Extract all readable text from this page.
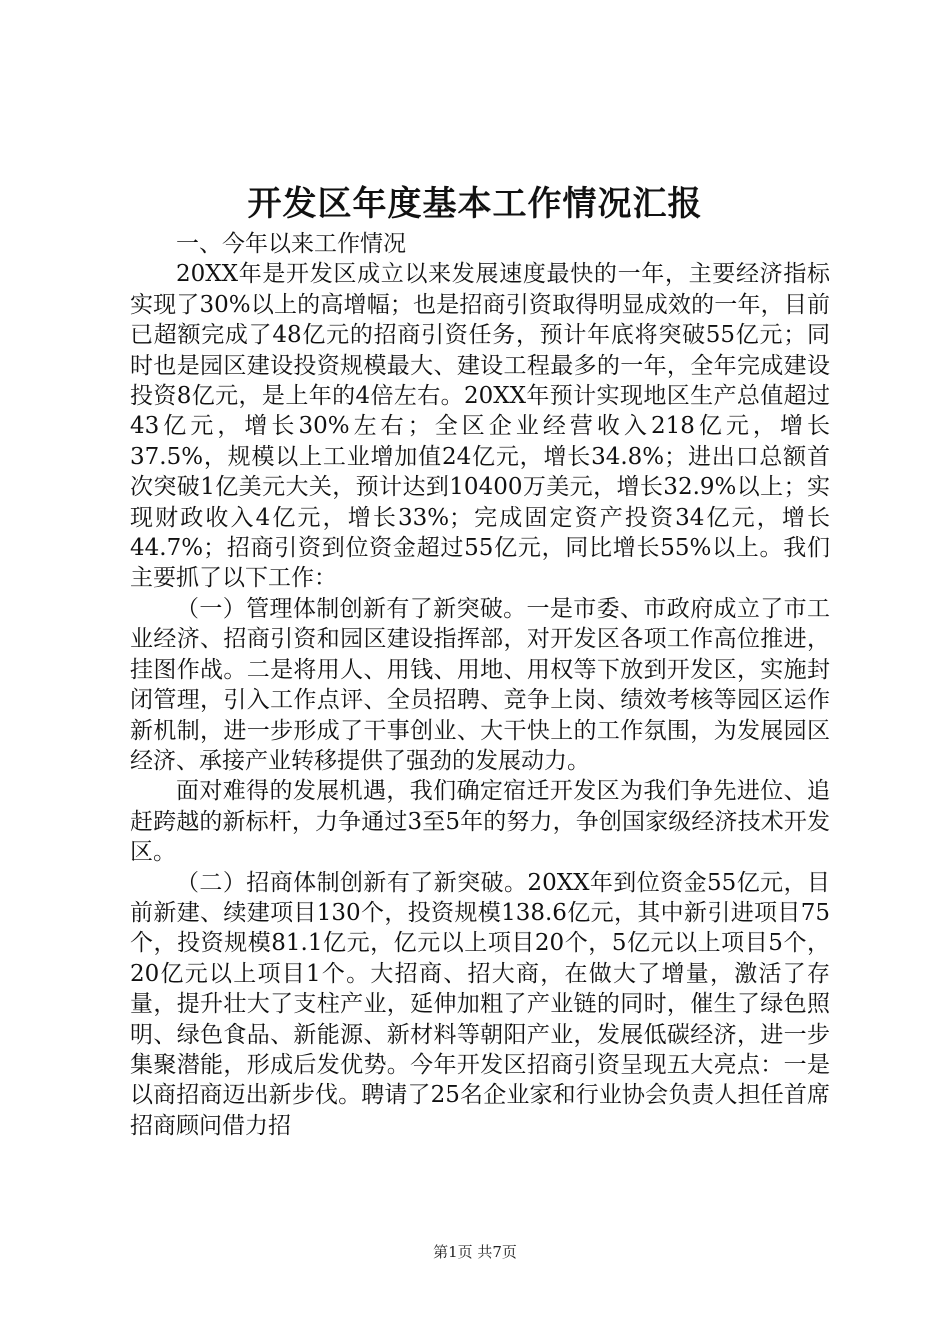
开发区年度基本工作情况汇报

一、今年以来工作情况

20XX年是开发区成立以来发展速度最快的一年，主要经济指标实现了30%以上的高增幅；也是招商引资取得明显成效的一年，目前已超额完成了48亿元的招商引资任务，预计年底将突破55亿元；同时也是园区建设投资规模最大、建设工程最多的一年，全年完成建设投资8亿元，是上年的4倍左右。20XX年预计实现地区生产总值超过43亿元，增长30%左右；全区企业经营收入218亿元，增长37.5%，规模以上工业增加值24亿元，增长34.8%；进出口总额首次突破1亿美元大关，预计达到10400万美元，增长32.9%以上；实现财政收入4亿元，增长33%；完成固定资产投资34亿元，增长44.7%；招商引资到位资金超过55亿元，同比增长55%以上。我们主要抓了以下工作：

（一）管理体制创新有了新突破。一是市委、市政府成立了市工业经济、招商引资和园区建设指挥部，对开发区各项工作高位推进，挂图作战。二是将用人、用钱、用地、用权等下放到开发区，实施封闭管理，引入工作点评、全员招聘、竞争上岗、绩效考核等园区运作新机制，进一步形成了干事创业、大干快上的工作氛围，为发展园区经济、承接产业转移提供了强劲的发展动力。

面对难得的发展机遇，我们确定宿迁开发区为我们争先进位、追赶跨越的新标杆，力争通过3至5年的努力，争创国家级经济技术开发区。

（二）招商体制创新有了新突破。20XX年到位资金55亿元，目前新建、续建项目130个，投资规模138.6亿元，其中新引进项目75个，投资规模81.1亿元，亿元以上项目20个，5亿元以上项目5个，20亿元以上项目1个。大招商、招大商，在做大了增量，激活了存量，提升壮大了支柱产业，延伸加粗了产业链的同时，催生了绿色照明、绿色食品、新能源、新材料等朝阳产业，发展低碳经济，进一步集聚潜能，形成后发优势。今年开发区招商引资呈现五大亮点：一是以商招商迈出新步伐。聘请了25名企业家和行业协会负责人担任首席招商顾问借力招

第1页 共7页
